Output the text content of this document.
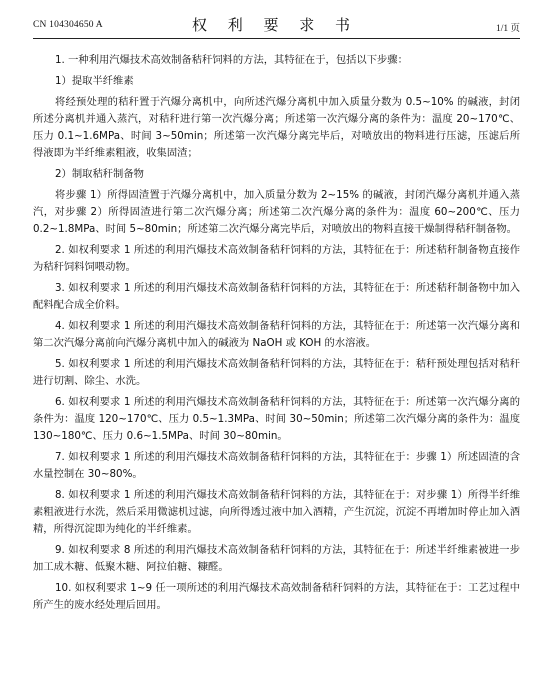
CN 104304650 A	权 利 要 求 书	1/1 页

1. 一种利用汽爆技术高效制备秸秆饲料的方法，其特征在于，包括以下步骤：

1）提取半纤维素

将经预处理的秸秆置于汽爆分离机中，向所述汽爆分离机中加入质量分数为 0.5~10% 的碱液，封闭所述分离机并通入蒸汽，对秸秆进行第一次汽爆分离；所述第一次汽爆分离的条件为：温度 20~170℃、压力 0.1~1.6MPa、时间 3~50min；所述第一次汽爆分离完毕后，对喷放出的物料进行压滤，压滤后所得液即为半纤维素粗液，收集固渣；

2）制取秸秆制备物

将步骤 1）所得固渣置于汽爆分离机中，加入质量分数为 2~15% 的碱液，封闭汽爆分离机并通入蒸汽，对步骤 2）所得固渣进行第二次汽爆分离；所述第二次汽爆分离的条件为：温度 60~200℃、压力 0.2~1.8MPa、时间 5~80min；所述第二次汽爆分离完毕后，对喷放出的物料直接干燥制得秸秆制备物。

2. 如权利要求 1 所述的利用汽爆技术高效制备秸秆饲料的方法，其特征在于：所述秸秆制备物直接作为秸秆饲料饲喂动物。

3. 如权利要求 1 所述的利用汽爆技术高效制备秸秆饲料的方法，其特征在于：所述秸秆制备物中加入配料配合成全价料。

4. 如权利要求 1 所述的利用汽爆技术高效制备秸秆饲料的方法，其特征在于：所述第一次汽爆分离和第二次汽爆分离前向汽爆分离机中加入的碱液为 NaOH 或 KOH 的水溶液。

5. 如权利要求 1 所述的利用汽爆技术高效制备秸秆饲料的方法，其特征在于：秸秆预处理包括对秸秆进行切割、除尘、水洗。

6. 如权利要求 1 所述的利用汽爆技术高效制备秸秆饲料的方法，其特征在于：所述第一次汽爆分离的条件为：温度 120~170℃、压力 0.5~1.3MPa、时间 30~50min；所述第二次汽爆分离的条件为：温度 130~180℃、压力 0.6~1.5MPa、时间 30~80min。

7. 如权利要求 1 所述的利用汽爆技术高效制备秸秆饲料的方法，其特征在于：步骤 1）所述固渣的含水量控制在 30~80%。

8. 如权利要求 1 所述的利用汽爆技术高效制备秸秆饲料的方法，其特征在于：对步骤 1）所得半纤维素粗液进行水洗，然后采用微滤机过滤，向所得透过液中加入酒精，产生沉淀，沉淀不再增加时停止加入酒精，所得沉淀即为纯化的半纤维素。

9. 如权利要求 8 所述的利用汽爆技术高效制备秸秆饲料的方法，其特征在于：所述半纤维素被进一步加工成木糖、低聚木糖、阿拉伯糖、糠醛。

10. 如权利要求 1~9 任一项所述的利用汽爆技术高效制备秸秆饲料的方法，其特征在于：工艺过程中所产生的废水经处理后回用。
